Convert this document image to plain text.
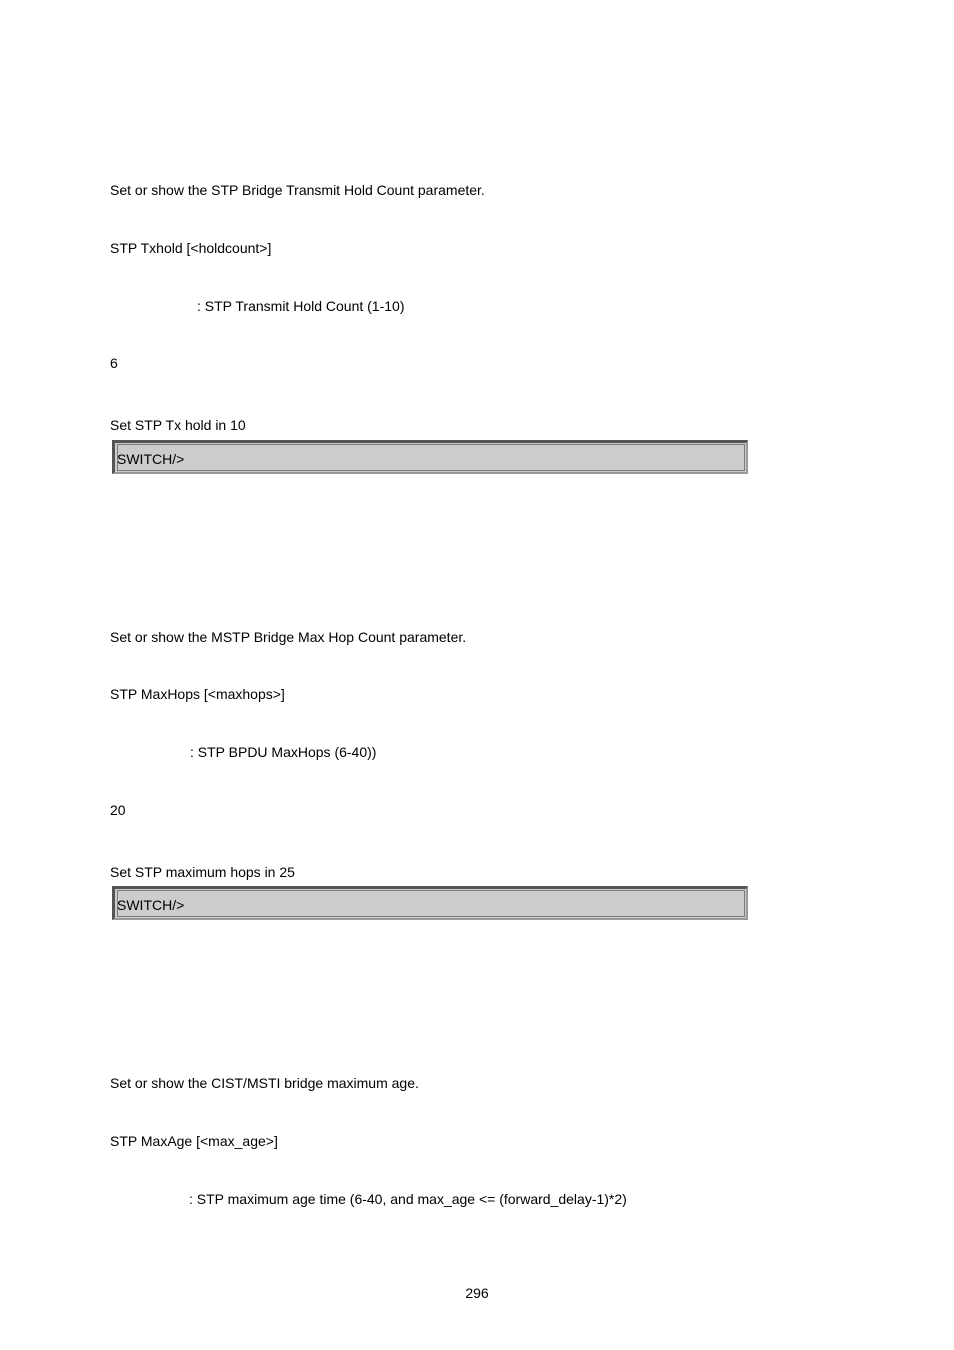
Set or show the STP Bridge Transmit Hold Count parameter.
STP Txhold [<holdcount>]
: STP Transmit Hold Count (1-10)
6
Set STP Tx hold in 10
SWITCH/>
Set or show the MSTP Bridge Max Hop Count parameter.
STP MaxHops [<maxhops>]
: STP BPDU MaxHops (6-40))
20
Set STP maximum hops in 25
SWITCH/>
Set or show the CIST/MSTI bridge maximum age.
STP MaxAge [<max_age>]
: STP maximum age time (6-40, and max_age <= (forward_delay-1)*2)
296
